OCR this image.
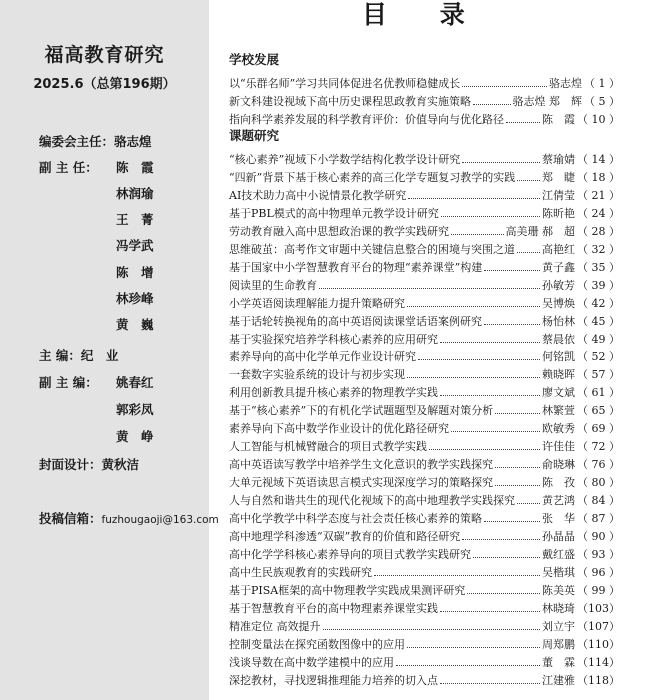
福高教育研究
2025.6（总第196期）
编委会主任：骆志煌
副 主 任：	陈　霞
林润瑜
王　菁
冯学武
陈　增
林珍峰
黄　巍
主 编：纪　业
副 主 编：	姚春红
郭彩凤
黄　峥
封面设计：黄秋洁
投稿信箱：fuzhougaoji@163.com
目 录
学校发展
以“乐群名师”学习共同体促进名优教师稳健成长	骆志煌 （ 1 ）
新文科建设视域下高中历史课程思政教育实施策略	骆志煌 郑　辉 （ 5 ）
指向科学素养发展的科学教育评价：价值导向与优化路径	陈　霞 （ 10 ）
课题研究
“核心素养”视域下小学数学结构化教学设计研究	蔡瑜婧 （ 14 ）
“四新”背景下基于核心素养的高三化学专题复习教学的实践 郑　睫 （ 18 ）
AI技术助力高中小说情景化教学研究	江倩莹 （ 21 ）
基于PBL模式的高中物理单元教学设计研究	陈昕艳 （ 24 ）
劳动教育融入高中思想政治课的教学实践研究	高美珊 郝　超 （ 28 ）
思维破茧：高考作文审题中关键信息整合的困境与突围之道 高艳红 （ 32 ）
基于国家中小学智慧教育平台的物理“素养课堂”构建	黄子鑫 （ 35 ）
阅读里的生命教育	孙敏芳 （ 39 ）
小学英语阅读理解能力提升策略研究	吴博焕 （ 42 ）
基于话轮转换视角的高中英语阅读课堂话语案例研究	杨怡林 （ 45 ）
基于实验探究培养学科核心素养的应用研究	蔡晨依 （ 49 ）
素养导向的高中化学单元作业设计研究	何铭凯 （ 52 ）
一套数字实验系统的设计与初步实现	赖晓晖 （ 57 ）
利用创新教具提升核心素养的物理教学实践	廖文斌 （ 61 ）
基于“核心素养”下的有机化学试题题型及解题对策分析	林繁萱 （ 65 ）
素养导向下高中数学作业设计的优化路径研究	欧敏秀 （ 69 ）
人工智能与机械臂融合的项目式教学实践	许佳佳 （ 72 ）
高中英语读写教学中培养学生文化意识的教学实践探究	俞晓琳 （ 76 ）
大单元视域下英语读思言模式实现深度学习的策略探究	陈　孜 （ 80 ）
人与自然和谐共生的现代化视域下的高中地理教学实践探究 黄艺鸿 （ 84 ）
高中化学教学中科学态度与社会责任核心素养的策略	张　华 （ 87 ）
高中地理学科渗透“双碳”教育的价值和路径研究	孙晶晶 （ 90 ）
高中化学学科核心素养导向的项目式教学实践研究	戴红盛 （ 93 ）
高中生民族观教育的实践研究	吴楷琪 （ 96 ）
基于PISA框架的高中物理教学实践成果测评研究	陈美英 （ 99 ）
基于智慧教育平台的高中物理素养课堂实践	林晓琦 （103）
精准定位 高效提升	刘立宇 （107）
控制变量法在探究函数图像中的应用	周郑鹏 （110）
浅谈导数在高中数学建模中的应用	董　霖 （114）
深挖教材，寻找逻辑推理能力培养的切入点	江建雅 （118）
